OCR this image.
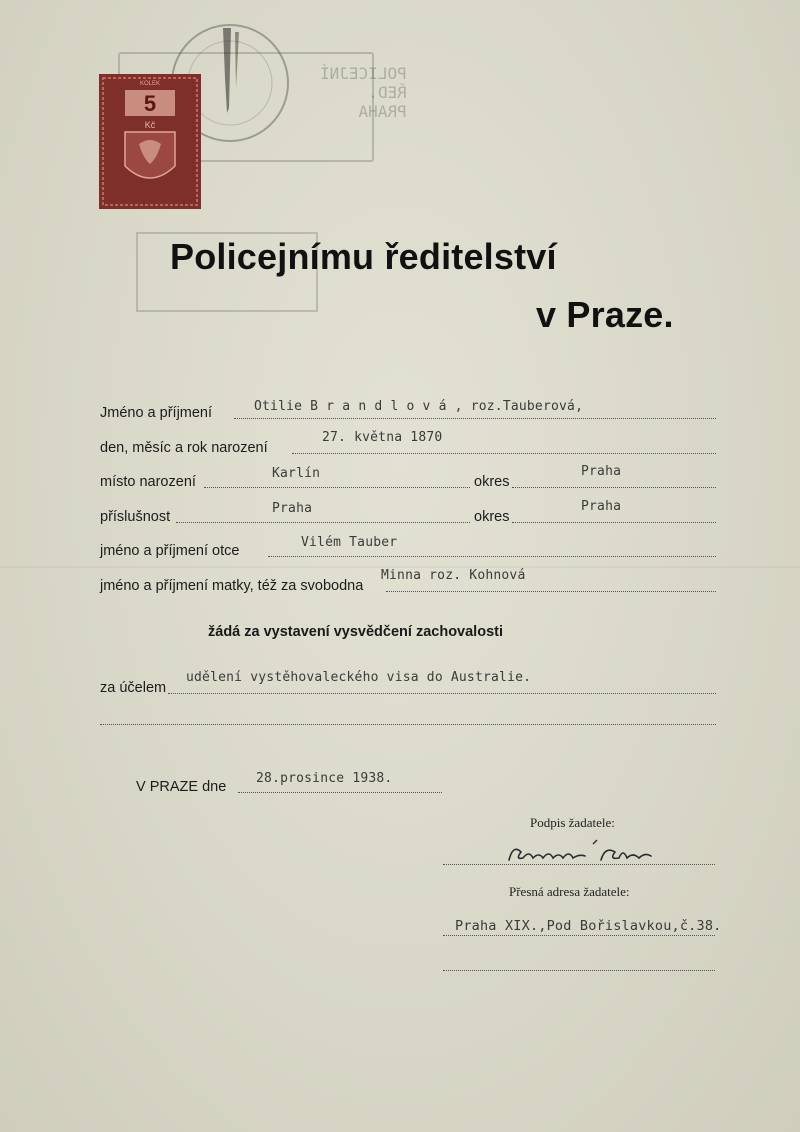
POLICEJNÍ ŘED. PRAHA
5
Kč
KOLEK
Policejnímu ředitelství
v Praze.
Jméno a příjmení	Otilie B r a n d l o v á , roz.Tauberová,
den, měsíc a rok narození
27. května 1870
místo narození
Karlín
okres
Praha
příslušnost
Praha
okres
Praha
jméno a příjmení otce
Vilém Tauber
jméno a příjmení matky, též za svobodna
Minna roz. Kohnová
žádá za vystavení vysvědčení zachovalosti
za účelem
udělení vystěhovaleckého visa do Australie.
V PRAZE dne
28.prosince 1938.
Podpis žadatele:
Přesná adresa žadatele:
Praha XIX.,Pod Bořislavkou,č.38.
